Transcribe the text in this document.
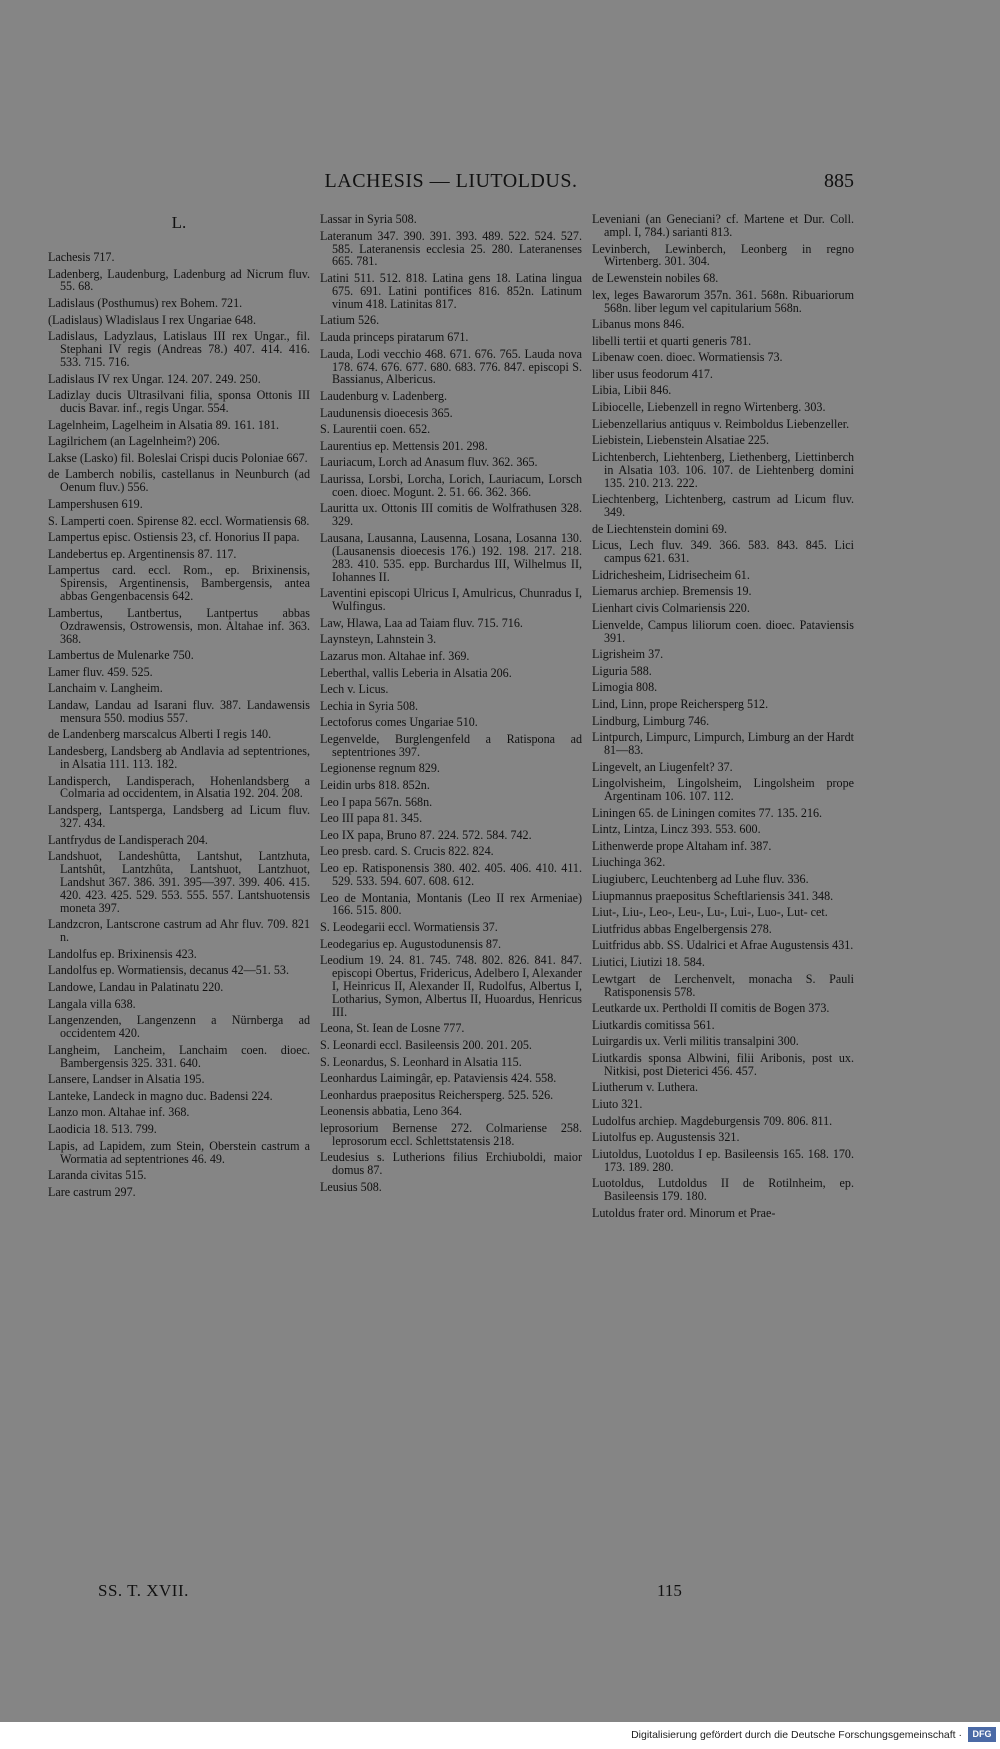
LACHESIS — LIUTOLDUS.	885
L.
Lachesis 717.
Ladenberg, Laudenburg, Ladenburg ad Nicrum fluv. 55. 68.
Ladislaus (Posthumus) rex Bohem. 721.
(Ladislaus) Wladislaus I rex Ungariae 648.
Ladislaus, Ladyzlaus, Latislaus III rex Ungar., fil. Stephani IV regis (Andreas 78.) 407. 414. 416. 533. 715. 716.
Ladislaus IV rex Ungar. 124. 207. 249. 250.
Ladizlay ducis Ultrasilvani filia, sponsa Ottonis III ducis Bavar. inf., regis Ungar. 554.
Lagelnheim, Lagelheim in Alsatia 89. 161. 181.
Lagilrichem (an Lagelnheim?) 206.
Lakse (Lasko) fil. Boleslai Crispi ducis Poloniae 667.
de Lamberch nobilis, castellanus in Neunburch (ad Oenum fluv.) 556.
Lampershusen 619.
S. Lamperti coen. Spirense 82. eccl. Wormatiensis 68.
Lampertus episc. Ostiensis 23, cf. Honorius II papa.
Landebertus ep. Argentinensis 87. 117.
Lampertus card. eccl. Rom., ep. Brixinensis, Spirensis, Argentinensis, Bambergensis, antea abbas Gengenbacensis 642.
Lambertus, Lantbertus, Lantpertus abbas Ozdrawensis, Ostrowensis, mon. Altahae inf. 363. 368.
Lambertus de Mulenarke 750.
Lamer fluv. 459. 525.
Lanchaim v. Langheim.
Landaw, Landau ad Isarani fluv. 387. Landawensis mensura 550. modius 557.
de Landenberg marscalcus Alberti I regis 140.
Landesberg, Landsberg ab Andlavia ad septentriones, in Alsatia 111. 113. 182.
Landisperch, Landisperach, Hohenlandsberg a Colmaria ad occidentem, in Alsatia 192. 204. 208.
Landsperg, Lantsperga, Landsberg ad Licum fluv. 327. 434.
Lantfrydus de Landisperach 204.
Landshuot, Landeshûtta, Lantshut, Lantzhuta, Lantshût, Lantzhûta, Lantshuot, Lantzhuot, Landshut 367. 386. 391. 395—397. 399. 406. 415. 420. 423. 425. 529. 553. 555. 557. Lantshuotensis moneta 397.
Landzcron, Lantscrone castrum ad Ahr fluv. 709. 821 n.
Landolfus ep. Brixinensis 423.
Landolfus ep. Wormatiensis, decanus 42—51. 53.
Landowe, Landau in Palatinatu 220.
Langala villa 638.
Langenzenden, Langenzenn a Nürnberga ad occidentem 420.
Langheim, Lancheim, Lanchaim coen. dioec. Bambergensis 325. 331. 640.
Lansere, Landser in Alsatia 195.
Lanteke, Landeck in magno duc. Badensi 224.
Lanzo mon. Altahae inf. 368.
Laodicia 18. 513. 799.
Lapis, ad Lapidem, zum Stein, Oberstein castrum a Wormatia ad septentriones 46. 49.
Laranda civitas 515.
Lare castrum 297.
Lassar in Syria 508.
Lateranum 347. 390. 391. 393. 489. 522. 524. 527. 585. Lateranensis ecclesia 25. 280. Lateranenses 665. 781.
Latini 511. 512. 818. Latina gens 18. Latina lingua 675. 691. Latini pontifices 816. 852n. Latinum vinum 418. Latinitas 817.
Latium 526.
Lauda princeps piratarum 671.
Lauda, Lodi vecchio 468. 671. 676. 765. Lauda nova 178. 674. 676. 677. 680. 683. 776. 847. episcopi S. Bassianus, Albericus.
Laudenburg v. Ladenberg.
Laudunensis dioecesis 365.
S. Laurentii coen. 652.
Laurentius ep. Mettensis 201. 298.
Lauriacum, Lorch ad Anasum fluv. 362. 365.
Laurissa, Lorsbi, Lorcha, Lorich, Lauriacum, Lorsch coen. dioec. Mogunt. 2. 51. 66. 362. 366.
Lauritta ux. Ottonis III comitis de Wolfrathusen 328. 329.
Lausana, Lausanna, Lausenna, Losana, Losanna 130. (Lausanensis dioecesis 176.) 192. 198. 217. 218. 283. 410. 535. epp. Burchardus III, Wilhelmus II, Iohannes II.
Laventini episcopi Ulricus I, Amulricus, Chunradus I, Wulfingus.
Law, Hlawa, Laa ad Taiam fluv. 715. 716.
Laynsteyn, Lahnstein 3.
Lazarus mon. Altahae inf. 369.
Leberthal, vallis Leberia in Alsatia 206.
Lech v. Licus.
Lechia in Syria 508.
Lectoforus comes Ungariae 510.
Legenvelde, Burglengenfeld a Ratispona ad septentriones 397.
Legionense regnum 829.
Leidin urbs 818. 852n.
Leo I papa 567n. 568n.
Leo III papa 81. 345.
Leo IX papa, Bruno 87. 224. 572. 584. 742.
Leo presb. card. S. Crucis 822. 824.
Leo ep. Ratisponensis 380. 402. 405. 406. 410. 411. 529. 533. 594. 607. 608. 612.
Leo de Montania, Montanis (Leo II rex Armeniae) 166. 515. 800.
S. Leodegarii eccl. Wormatiensis 37.
Leodegarius ep. Augustodunensis 87.
Leodium 19. 24. 81. 745. 748. 802. 826. 841. 847. episcopi Obertus, Fridericus, Adelbero I, Alexander I, Heinricus II, Alexander II, Rudolfus, Albertus I, Lotharius, Symon, Albertus II, Huoardus, Henricus III.
Leona, St. Iean de Losne 777.
S. Leonardi eccl. Basileensis 200. 201. 205.
S. Leonardus, S. Leonhard in Alsatia 115.
Leonhardus Laimingâr, ep. Pataviensis 424. 558.
Leonhardus praepositus Reichersperg. 525. 526.
Leonensis abbatia, Leno 364.
leprosorium Bernense 272. Colmariense 258. leprosorum eccl. Schlettstatensis 218.
Leudesius s. Lutherions filius Erchiuboldi, maior domus 87.
Leusius 508.
Leveniani (an Geneciani? cf. Martene et Dur. Coll. ampl. I, 784.) sarianti 813.
Levinberch, Lewinberch, Leonberg in regno Wirtenberg. 301. 304.
de Lewenstein nobiles 68.
lex, leges Bawarorum 357n. 361. 568n. Ribuariorum 568n. liber legum vel capitularium 568n.
Libanus mons 846.
libelli tertii et quarti generis 781.
Libenaw coen. dioec. Wormatiensis 73.
liber usus feodorum 417.
Libia, Libii 846.
Libiocelle, Liebenzell in regno Wirtenberg. 303.
Liebenzellarius antiquus v. Reimboldus Liebenzeller.
Liebistein, Liebenstein Alsatiae 225.
Lichtenberch, Liehtenberg, Liethenberg, Liettinberch in Alsatia 103. 106. 107. de Liehtenberg domini 135. 210. 213. 222.
Liechtenberg, Lichtenberg, castrum ad Licum fluv. 349.
de Liechtenstein domini 69.
Licus, Lech fluv. 349. 366. 583. 843. 845. Lici campus 621. 631.
Lidrichesheim, Lidrisecheim 61.
Liemarus archiep. Bremensis 19.
Lienhart civis Colmariensis 220.
Lienvelde, Campus liliorum coen. dioec. Pataviensis 391.
Ligrisheim 37.
Liguria 588.
Limogia 808.
Lind, Linn, prope Reichersperg 512.
Lindburg, Limburg 746.
Lintpurch, Limpurc, Limpurch, Limburg an der Hardt 81—83.
Lingevelt, an Liugenfelt? 37.
Lingolvisheim, Lingolsheim, Lingolsheim prope Argentinam 106. 107. 112.
Liningen 65. de Liningen comites 77. 135. 216.
Lintz, Lintza, Lincz 393. 553. 600.
Lithenwerde prope Altaham inf. 387.
Liuchinga 362.
Liugiuberc, Leuchtenberg ad Luhe fluv. 336.
Liupmannus praepositus Scheftlariensis 341. 348.
Liut-, Liu-, Leo-, Leu-, Lu-, Lui-, Luo-, Lut- cet.
Liutfridus abbas Engelbergensis 278.
Luitfridus abb. SS. Udalrici et Afrae Augustensis 431.
Liutici, Liutizi 18. 584.
Lewtgart de Lerchenvelt, monacha S. Pauli Ratisponensis 578.
Leutkarde ux. Pertholdi II comitis de Bogen 373.
Liutkardis comitissa 561.
Luirgardis ux. Verli militis transalpini 300.
Liutkardis sponsa Albwini, filii Aribonis, post ux. Nitkisi, post Dieterici 456. 457.
Liutherum v. Luthera.
Liuto 321.
Ludolfus archiep. Magdeburgensis 709. 806. 811.
Liutolfus ep. Augustensis 321.
Liutoldus, Luotoldus I ep. Basileensis 165. 168. 170. 173. 189. 280.
Luotoldus, Lutdoldus II de Rotilnheim, ep. Basileensis 179. 180.
Lutoldus frater ord. Minorum et Prae-
SS. T. XVII.	115
Digitalisierung gefördert durch die Deutsche Forschungsgemeinschaft ·	DFG
